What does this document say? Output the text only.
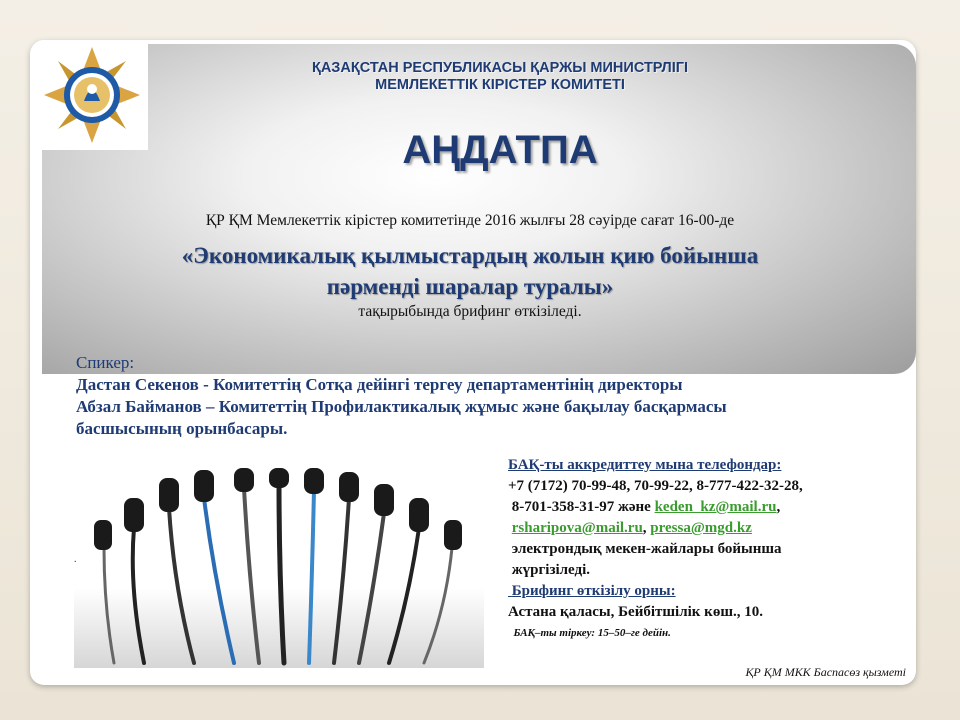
ҚАЗАҚСТАН РЕСПУБЛИКАСЫ ҚАРЖЫ МИНИСТРЛІГІ
МЕМЛЕКЕТТІК КІРІСТЕР КОМИТЕТІ
АҢДАТПА
ҚР ҚМ Мемлекеттік кірістер комитетінде 2016 жылғы 28 сәуірде сағат 16-00-де
«Экономикалық қылмыстардың жолын қию бойынша
пәрменді шаралар туралы»
тақырыбында брифинг өткізіледі.
Спикер:
Дастан Секенов - Комитеттің Сотқа дейінгі тергеу департаментінің директоры
Абзал Байманов – Комитеттің Профилактикалық жұмыс және бақылау басқармасы
басшысының орынбасары.
.
БАҚ-ты аккредиттеу мына телефондар:
+7 (7172) 70-99-48, 70-99-22, 8-777-422-32-28,
8-701-358-31-97 және keden_kz@mail.ru,
rsharipova@mail.ru, pressa@mgd.kz
электрондық мекен-жайлары бойынша
жүргізіледі.
Брифинг өткізілу орны:
Астана қаласы, Бейбітшілік көш., 10.
БАҚ–ты тіркеу: 15–50–ге дейін.
ҚР ҚМ МКК Баспасөз қызметі
